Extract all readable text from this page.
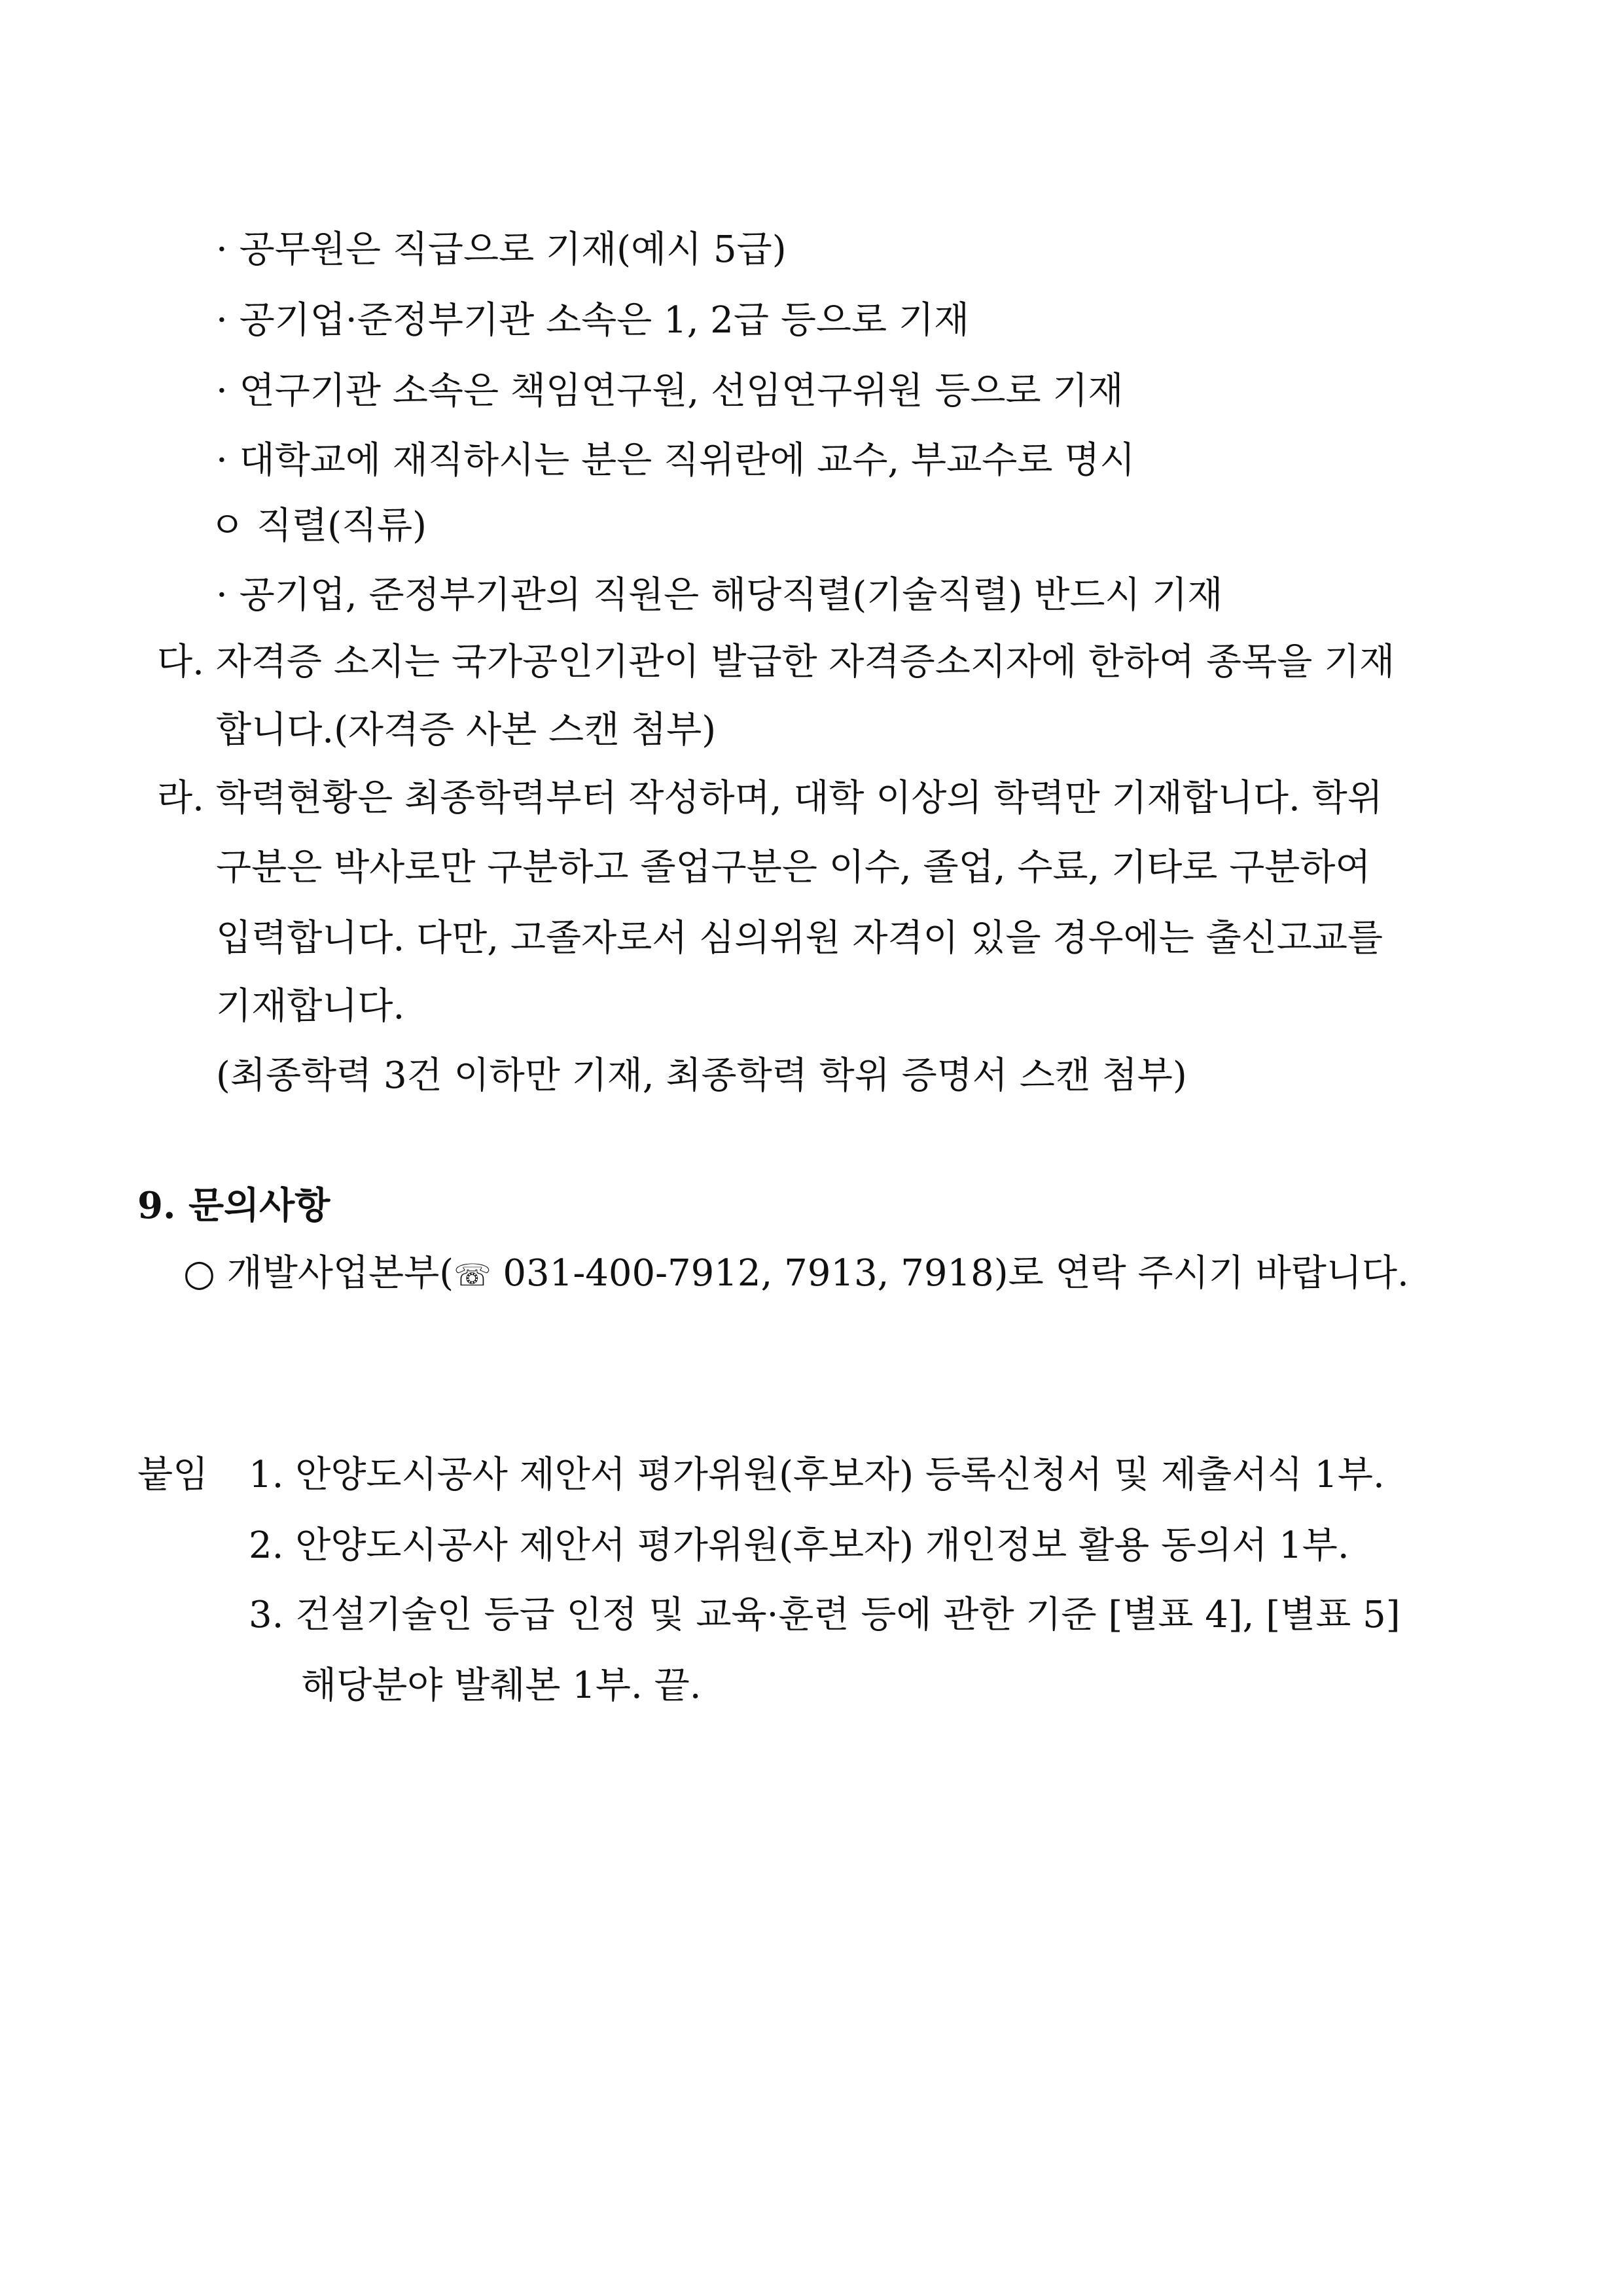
· 공무원은 직급으로 기재(예시 5급)
· 공기업·준정부기관 소속은 1, 2급 등으로 기재
· 연구기관 소속은 책임연구원, 선임연구위원 등으로 기재
· 대학교에 재직하시는 분은 직위란에 교수, 부교수로 명시
ㅇ 직렬(직류)
· 공기업, 준정부기관의 직원은 해당직렬(기술직렬) 반드시 기재
다. 자격증 소지는 국가공인기관이 발급한 자격증소지자에 한하여 종목을 기재
합니다.(자격증 사본 스캔 첨부)
라. 학력현황은 최종학력부터 작성하며, 대학 이상의 학력만 기재합니다. 학위
구분은 박사로만 구분하고 졸업구분은 이수, 졸업, 수료, 기타로 구분하여
입력합니다. 다만, 고졸자로서 심의위원 자격이 있을 경우에는 출신고교를
기재합니다.
(최종학력 3건 이하만 기재, 최종학력 학위 증명서 스캔 첨부)
9. 문의사항
○ 개발사업본부(☏ 031-400-7912, 7913, 7918)로 연락 주시기 바랍니다.
붙임 1. 안양도시공사 제안서 평가위원(후보자) 등록신청서 및 제출서식 1부.
2. 안양도시공사 제안서 평가위원(후보자) 개인정보 활용 동의서 1부.
3. 건설기술인 등급 인정 및 교육·훈련 등에 관한 기준 [별표 4], [별표 5]
해당분야 발췌본 1부. 끝.
